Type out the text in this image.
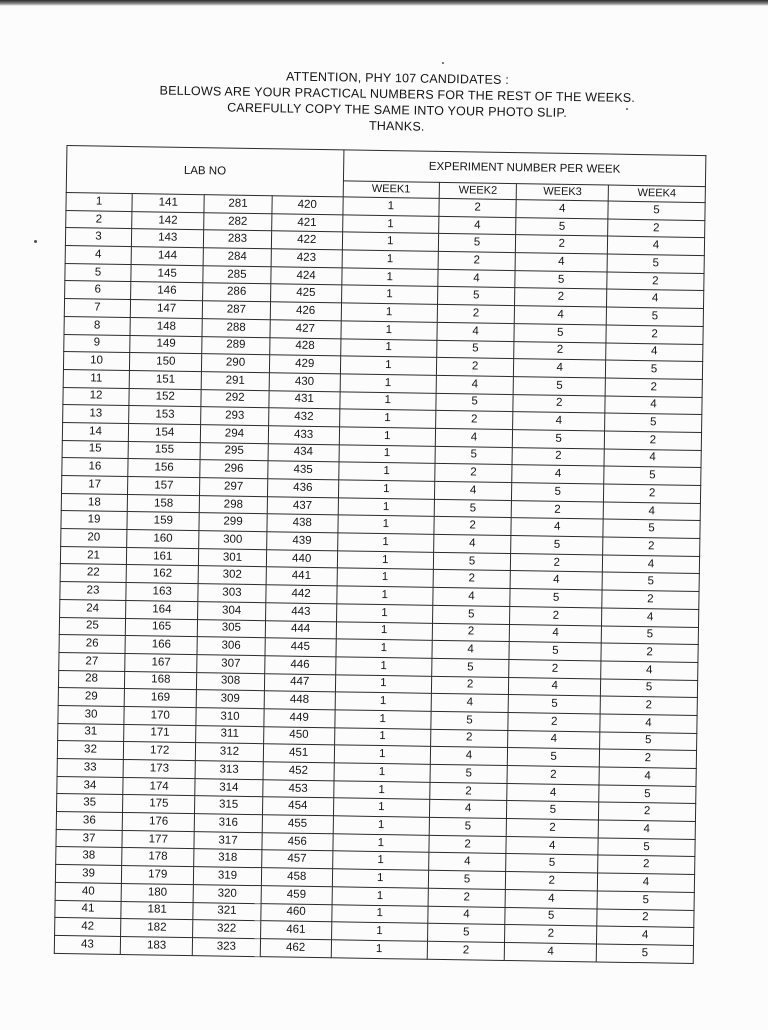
ATTENTION, PHY 107 CANDIDATES :
BELLOWS ARE YOUR PRACTICAL NUMBERS FOR THE REST OF THE WEEKS.
CAREFULLY COPY THE SAME INTO YOUR PHOTO SLIP.
THANKS.
LAB NO				EXPERIMENT NUMBER PER WEEK			
				WEEK1	WEEK2	WEEK3	WEEK4
1	141	281	420	1	2	4	5
2	142	282	421	1	4	5	2
3	143	283	422	1	5	2	4
4	144	284	423	1	2	4	5
5	145	285	424	1	4	5	2
6	146	286	425	1	5	2	4
7	147	287	426	1	2	4	5
8	148	288	427	1	4	5	2
9	149	289	428	1	5	2	4
10	150	290	429	1	2	4	5
11	151	291	430	1	4	5	2
12	152	292	431	1	5	2	4
13	153	293	432	1	2	4	5
14	154	294	433	1	4	5	2
15	155	295	434	1	5	2	4
16	156	296	435	1	2	4	5
17	157	297	436	1	4	5	2
18	158	298	437	1	5	2	4
19	159	299	438	1	2	4	5
20	160	300	439	1	4	5	2
21	161	301	440	1	5	2	4
22	162	302	441	1	2	4	5
23	163	303	442	1	4	5	2
24	164	304	443	1	5	2	4
25	165	305	444	1	2	4	5
26	166	306	445	1	4	5	2
27	167	307	446	1	5	2	4
28	168	308	447	1	2	4	5
29	169	309	448	1	4	5	2
30	170	310	449	1	5	2	4
31	171	311	450	1	2	4	5
32	172	312	451	1	4	5	2
33	173	313	452	1	5	2	4
34	174	314	453	1	2	4	5
35	175	315	454	1	4	5	2
36	176	316	455	1	5	2	4
37	177	317	456	1	2	4	5
38	178	318	457	1	4	5	2
39	179	319	458	1	5	2	4
40	180	320	459	1	2	4	5
41	181	321	460	1	4	5	2
42	182	322	461	1	5	2	4
43	183	323	462	1	2	4	5
